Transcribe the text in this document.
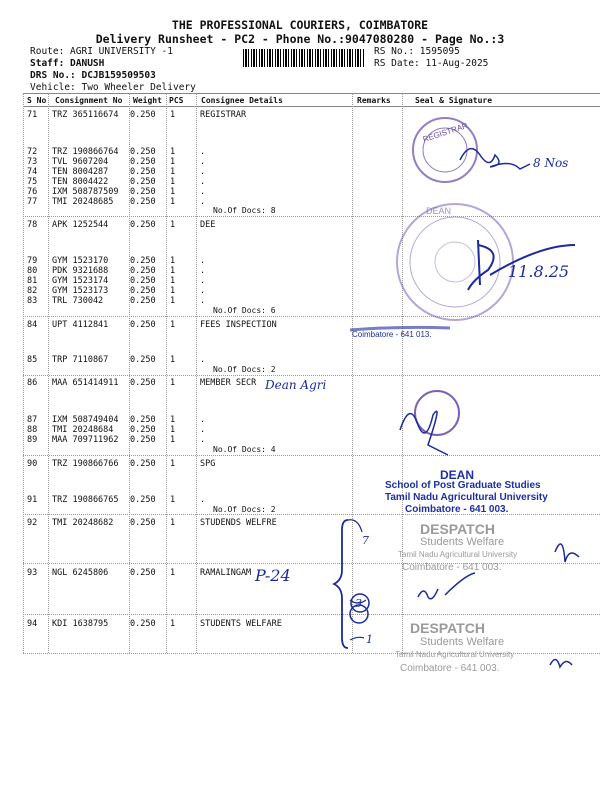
THE PROFESSIONAL COURIERS, COIMBATORE
Delivery Runsheet - PC2 - Phone No.:9047080280 - Page No.:3
Route: AGRI UNIVERSITY -1
Staff: DANUSH
DRS No.: DCJB159509503
Vehicle: Two Wheeler Delivery
RS No.: 1595095
RS Date: 11-Aug-2025
S No Consignment No Weight PCS Consignee Details	Remarks	Seal & Signature
71 TRZ 365116674 0.250 1	REGISTRAR
72 TRZ 190866764 0.250 1	.
73 TVL 9607204	0.250 1	.
74 TEN 8004287	0.250 1	.
75 TEN 8004422	0.250 1	.
76 IXM 508787509 0.250 1	.
77 TMI 20248685 0.250 1	.
No.Of Docs: 8
78 APK 1252544	0.250 1	DEE
79 GYM 1523170	0.250 1	.
80 PDK 9321688	0.250 1	.
81 GYM 1523174	0.250 1	.
82 GYM 1523173	0.250 1	.
83 TRL 730042	0.250 1	.
No.Of Docs: 6
84 UPT 4112841	0.250 1	FEES INSPECTION
85 TRP 7110867	0.250 1	.
No.Of Docs: 2
86 MAA 651414911 0.250 1	MEMBER SECR
87 IXM 508749404 0.250 1	.
88 TMI 20248684 0.250 1	.
89 MAA 709711962 0.250 1	.
No.Of Docs: 4
90 TRZ 190866766 0.250 1	SPG
91 TRZ 190866765 0.250 1	.
No.Of Docs: 2
92 TMI 20248682 0.250 1	STUDENDS WELFRE
93 NGL 6245806	0.250 1	RAMALINGAM
94 KDI 1638795	0.250 1	STUDENTS WELFARE
REGISTRAR
DEAN
Coimbatore - 641 013.
DEAN
School of Post Graduate Studies
Tamil Nadu Agricultural University
Coimbatore - 641 003.
DESPATCH
Students Welfare
Tamil Nadu Agricultural University
Coimbatore - 641 003.
DESPATCH
Students Welfare
Tamil Nadu Agricultural University
Coimbatore - 641 003.
Dean Agri
P-24
8 Nos
11.8.25
7
3
1
